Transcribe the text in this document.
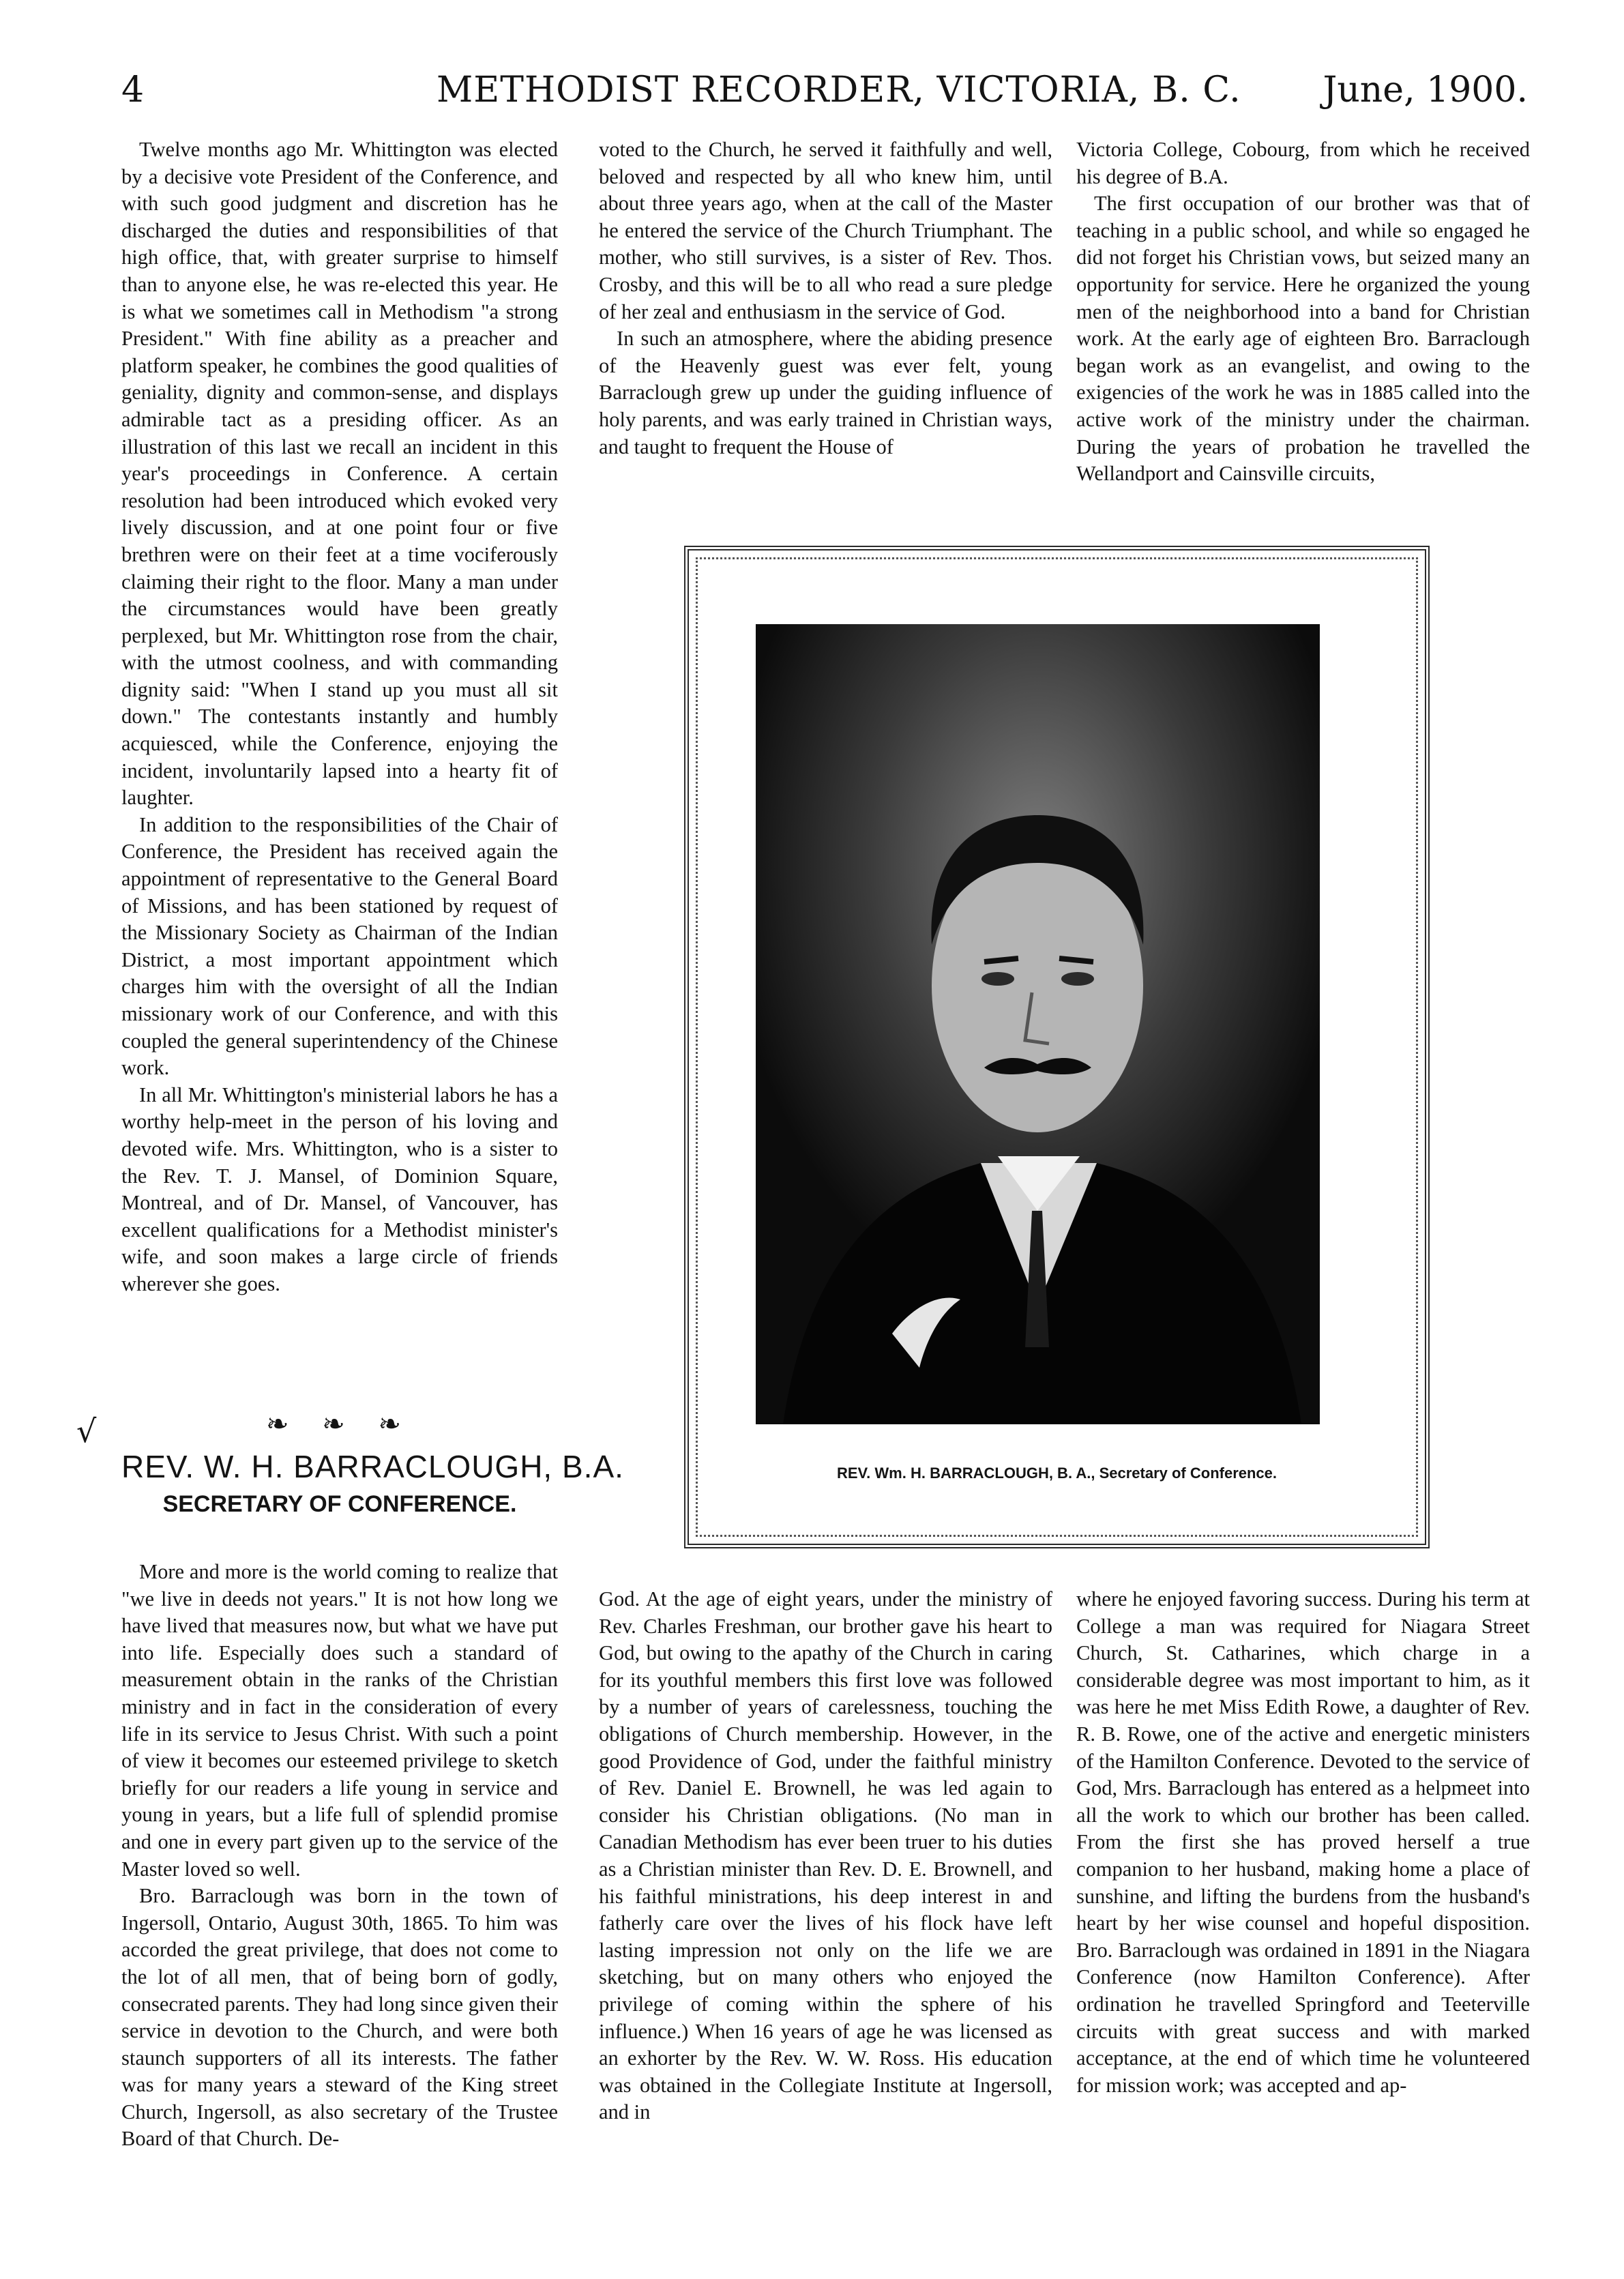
4	METHODIST RECORDER, VICTORIA, B. C.	June, 1900.

Twelve months ago Mr. Whittington was elected by a decisive vote President of the Conference, and with such good judgment and discretion has he discharged the duties and responsibilities of that high office, that, with greater surprise to himself than to anyone else, he was re-elected this year. He is what we sometimes call in Methodism "a strong President." With fine ability as a preacher and platform speaker, he combines the good qualities of geniality, dignity and common-sense, and displays admirable tact as a presiding officer. As an illustration of this last we recall an incident in this year's proceedings in Conference. A certain resolution had been introduced which evoked very lively discussion, and at one point four or five brethren were on their feet at a time vociferously claiming their right to the floor. Many a man under the circumstances would have been greatly perplexed, but Mr. Whittington rose from the chair, with the utmost coolness, and with commanding dignity said: "When I stand up you must all sit down." The contestants instantly and humbly acquiesced, while the Conference, enjoying the incident, involuntarily lapsed into a hearty fit of laughter.

In addition to the responsibilities of the Chair of Conference, the President has received again the appointment of representative to the General Board of Missions, and has been stationed by request of the Missionary Society as Chairman of the Indian District, a most important appointment which charges him with the oversight of all the Indian missionary work of our Conference, and with this coupled the general superintendency of the Chinese work.

In all Mr. Whittington's ministerial labors he has a worthy help-meet in the person of his loving and devoted wife. Mrs. Whittington, who is a sister to the Rev. T. J. Mansel, of Dominion Square, Montreal, and of Dr. Mansel, of Vancouver, has excellent qualifications for a Methodist minister's wife, and soon makes a large circle of friends wherever she goes.

voted to the Church, he served it faithfully and well, beloved and respected by all who knew him, until about three years ago, when at the call of the Master he entered the service of the Church Triumphant. The mother, who still survives, is a sister of Rev. Thos. Crosby, and this will be to all who read a sure pledge of her zeal and enthusiasm in the service of God.

In such an atmosphere, where the abiding presence of the Heavenly guest was ever felt, young Barraclough grew up under the guiding influence of holy parents, and was early trained in Christian ways, and taught to frequent the House of

Victoria College, Cobourg, from which he received his degree of B.A.

The first occupation of our brother was that of teaching in a public school, and while so engaged he did not forget his Christian vows, but seized many an opportunity for service. Here he organized the young men of the neighborhood into a band for Christian work. At the early age of eighteen Bro. Barraclough began work as an evangelist, and owing to the exigencies of the work he was in 1885 called into the active work of the ministry under the chairman. During the years of probation he travelled the Wellandport and Cainsville circuits,

√	❧ ❧ ❧
REV. W. H. BARRACLOUGH, B.A.
SECRETARY OF CONFERENCE.
REV. Wm. H. BARRACLOUGH, B. A., Secretary of Conference.

More and more is the world coming to realize that "we live in deeds not years." It is not how long we have lived that measures now, but what we have put into life. Especially does such a standard of measurement obtain in the ranks of the Christian ministry and in fact in the consideration of every life in its service to Jesus Christ. With such a point of view it becomes our esteemed privilege to sketch briefly for our readers a life young in service and young in years, but a life full of splendid promise and one in every part given up to the service of the Master loved so well.

Bro. Barraclough was born in the town of Ingersoll, Ontario, August 30th, 1865. To him was accorded the great privilege, that does not come to the lot of all men, that of being born of godly, consecrated parents. They had long since given their service in devotion to the Church, and were both staunch supporters of all its interests. The father was for many years a steward of the King street Church, Ingersoll, as also secretary of the Trustee Board of that Church. De-

God. At the age of eight years, under the ministry of Rev. Charles Freshman, our brother gave his heart to God, but owing to the apathy of the Church in caring for its youthful members this first love was followed by a number of years of carelessness, touching the obligations of Church membership. However, in the good Providence of God, under the faithful ministry of Rev. Daniel E. Brownell, he was led again to consider his Christian obligations. (No man in Canadian Methodism has ever been truer to his duties as a Christian minister than Rev. D. E. Brownell, and his faithful ministrations, his deep interest in and fatherly care over the lives of his flock have left lasting impression not only on the life we are sketching, but on many others who enjoyed the privilege of coming within the sphere of his influence.) When 16 years of age he was licensed as an exhorter by the Rev. W. W. Ross. His education was obtained in the Collegiate Institute at Ingersoll, and in

where he enjoyed favoring success. During his term at College a man was required for Niagara Street Church, St. Catharines, which charge in a considerable degree was most important to him, as it was here he met Miss Edith Rowe, a daughter of Rev. R. B. Rowe, one of the active and energetic ministers of the Hamilton Conference. Devoted to the service of God, Mrs. Barraclough has entered as a helpmeet into all the work to which our brother has been called. From the first she has proved herself a true companion to her husband, making home a place of sunshine, and lifting the burdens from the husband's heart by her wise counsel and hopeful disposition. Bro. Barraclough was ordained in 1891 in the Niagara Conference (now Hamilton Conference). After ordination he travelled Springford and Teeterville circuits with great success and with marked acceptance, at the end of which time he volunteered for mission work; was accepted and ap-
